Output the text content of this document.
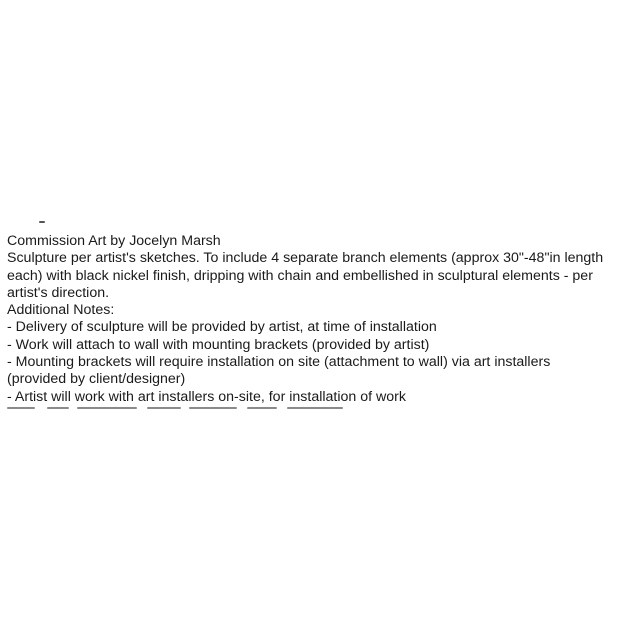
Commission Art by Jocelyn Marsh
Sculpture per artist's sketches. To include 4 separate branch elements (approx 30"-48"in length
each) with black nickel finish, dripping with chain and embellished in sculptural elements - per
artist's direction.
Additional Notes:
- Delivery of sculpture will be provided by artist, at time of installation
- Work will attach to wall with mounting brackets (provided by artist)
- Mounting brackets will require installation on site (attachment to wall) via art installers
(provided by client/designer)
- Artist will work with art installers on-site, for installation of work
